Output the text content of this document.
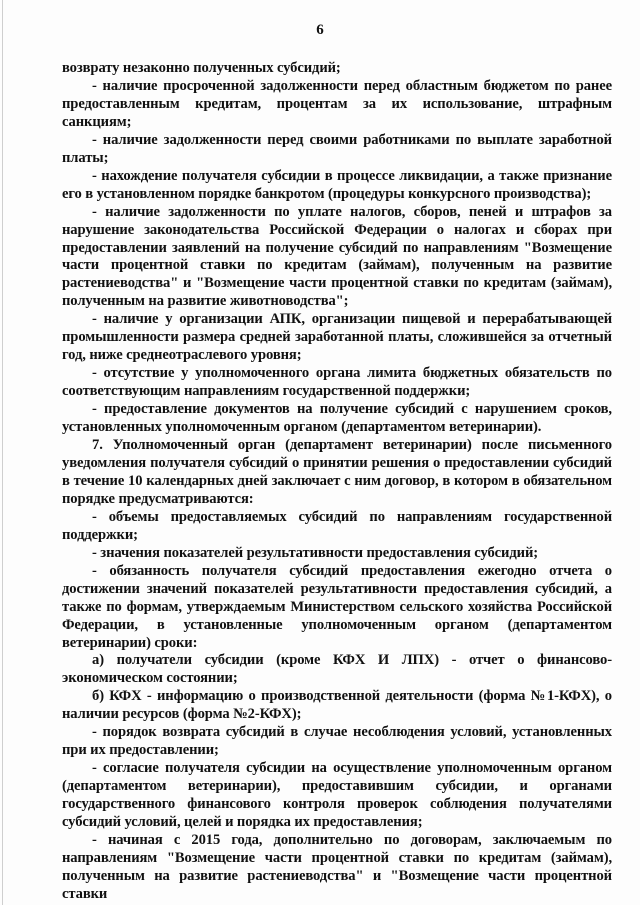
6

возврату незаконно полученных субсидий;

- наличие просроченной задолженности перед областным бюджетом по ранее предоставленным кредитам, процентам за их использование, штрафным санкциям;

- наличие задолженности перед своими работниками по выплате заработной платы;

- нахождение получателя субсидии в процессе ликвидации, а также признание его в установленном порядке банкротом (процедуры конкурсного производства);

- наличие задолженности по уплате налогов, сборов, пеней и штрафов за нарушение законодательства Российской Федерации о налогах и сборах при предоставлении заявлений на получение субсидий по направлениям "Возмещение части процентной ставки по кредитам (займам), полученным на развитие растениеводства" и "Возмещение части процентной ставки по кредитам (займам), полученным на развитие животноводства";

- наличие у организации АПК, организации пищевой и перерабатывающей промышленности размера средней заработанной платы, сложившейся за отчетный год, ниже среднеотраслевого уровня;

- отсутствие у уполномоченного органа лимита бюджетных обязательств по соответствующим направлениям государственной поддержки;

- предоставление документов на получение субсидий с нарушением сроков, установленных уполномоченным органом (департаментом ветеринарии).

7. Уполномоченный орган (департамент ветеринарии) после письменного уведомления получателя субсидий о принятии решения о предоставлении субсидий в течение 10 календарных дней заключает с ним договор, в котором в обязательном порядке предусматриваются:

- объемы предоставляемых субсидий по направлениям государственной поддержки;

- значения показателей результативности предоставления субсидий;

- обязанность получателя субсидий предоставления ежегодно отчета о достижении значений показателей результативности предоставления субсидий, а также по формам, утверждаемым Министерством сельского хозяйства Российской Федерации, в установленные уполномоченным органом (департаментом ветеринарии) сроки:

а) получатели субсидии (кроме КФХ И ЛПХ) - отчет о финансово-экономическом состоянии;

б) КФХ - информацию о производственной деятельности (форма №1-КФХ), о наличии ресурсов (форма №2-КФХ);

- порядок возврата субсидий в случае несоблюдения условий, установленных при их предоставлении;

- согласие получателя субсидии на осуществление уполномоченным органом (департаментом ветеринарии), предоставившим субсидии, и органами государственного финансового контроля проверок соблюдения получателями субсидий условий, целей и порядка их предоставления;

- начиная с 2015 года, дополнительно по договорам, заключаемым по направлениям "Возмещение части процентной ставки по кредитам (займам), полученным на развитие растениеводства" и "Возмещение части процентной ставки
